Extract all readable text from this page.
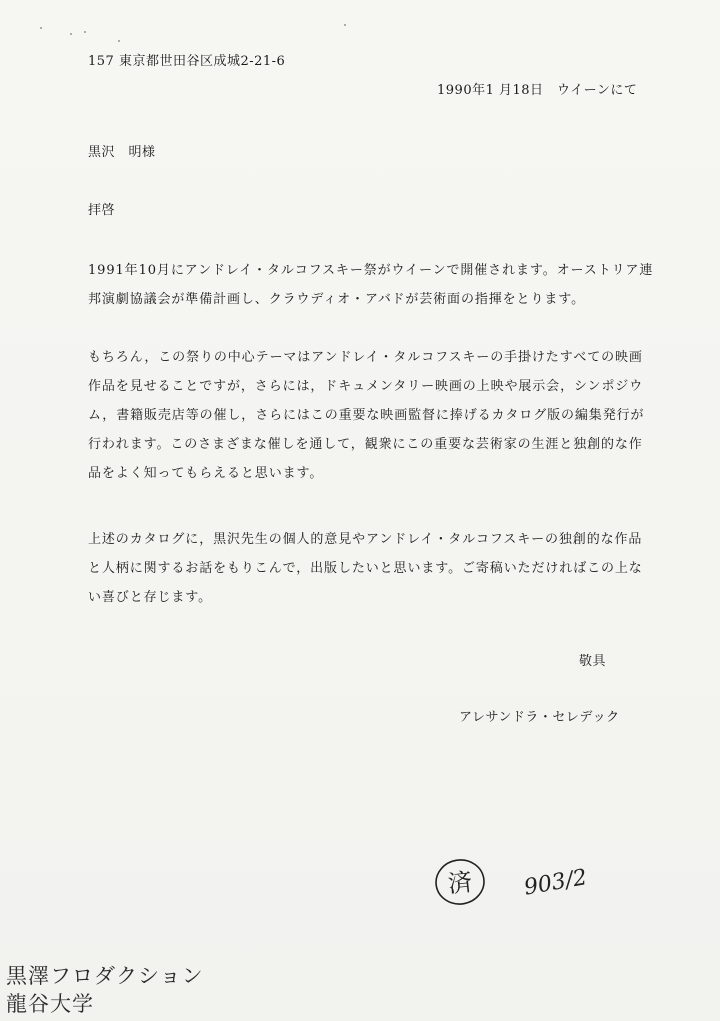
157 東京都世田谷区成城2-21-6
1990年1 月18日　ウイーンにて
黒沢　明様
拝啓
1991年10月にアンドレイ・タルコフスキー祭がウイーンで開催されます。オーストリア連
邦演劇協議会が準備計画し、クラウディオ・アバドが芸術面の指揮をとります。
もちろん，この祭りの中心テーマはアンドレイ・タルコフスキーの手掛けたすべての映画
作品を見せることですが，さらには，ドキュメンタリー映画の上映や展示会，シンポジウ
ム，書籍販売店等の催し，さらにはこの重要な映画監督に捧げるカタログ版の編集発行が
行われます。このさまざまな催しを通して，観衆にこの重要な芸術家の生涯と独創的な作
品をよく知ってもらえると思います。
上述のカタログに，黒沢先生の個人的意見やアンドレイ・タルコフスキーの独創的な作品
と人柄に関するお話をもりこんで，出版したいと思います。ご寄稿いただければこの上な
い喜びと存じます。
敬具
アレサンドラ・セレデック
済 903/2
黒澤フロダクション
龍谷大学
